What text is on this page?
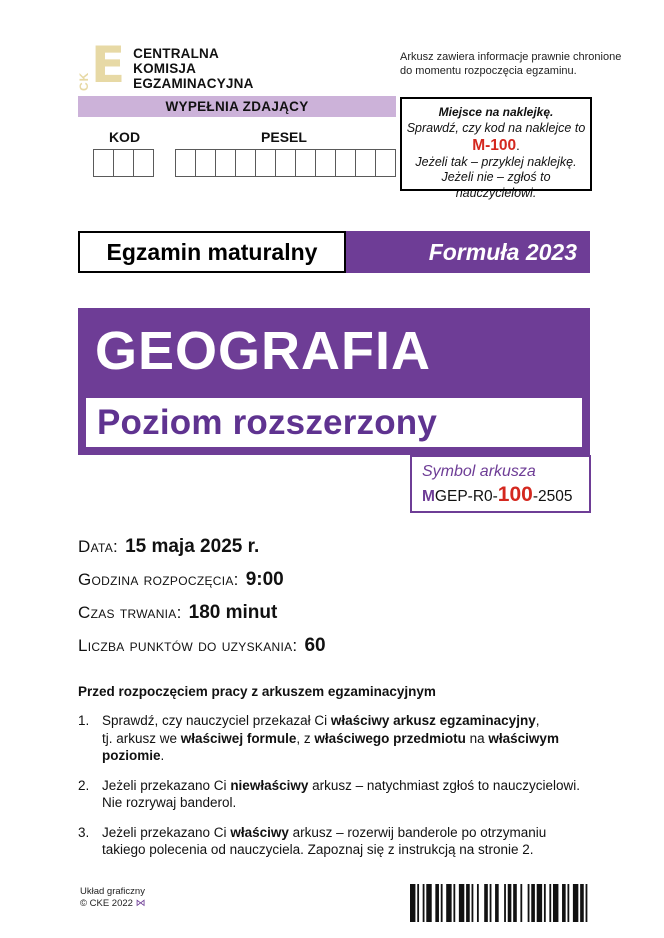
CK E CENTRALNA
KOMISJA
EGZAMINACYJNA
Arkusz zawiera informacje prawnie chronione
do momentu rozpoczęcia egzaminu.
WYPEŁNIA ZDAJĄCY
KOD	PESEL
Miejsce na naklejkę.
Sprawdź, czy kod na naklejce to
M-100.
Jeżeli tak – przyklej naklejkę.
Jeżeli nie – zgłoś to nauczycielowi.
Egzamin maturalny	Formuła 2023
GEOGRAFIA
Poziom rozszerzony
Symbol arkusza
MGEP-R0-100-2505
Data: 15 maja 2025 r.
Godzina rozpoczęcia: 9:00
Czas trwania: 180 minut
Liczba punktów do uzyskania: 60
Przed rozpoczęciem pracy z arkuszem egzaminacyjnym
1. Sprawdź, czy nauczyciel przekazał Ci właściwy arkusz egzaminacyjny,
tj. arkusz we właściwej formule, z właściwego przedmiotu na właściwym
poziomie.
2. Jeżeli przekazano Ci niewłaściwy arkusz – natychmiast zgłoś to nauczycielowi.
Nie rozrywaj banderol.
3. Jeżeli przekazano Ci właściwy arkusz – rozerwij banderole po otrzymaniu
takiego polecenia od nauczyciela. Zapoznaj się z instrukcją na stronie 2.
Układ graficzny
© CKE 2022 ⋈
